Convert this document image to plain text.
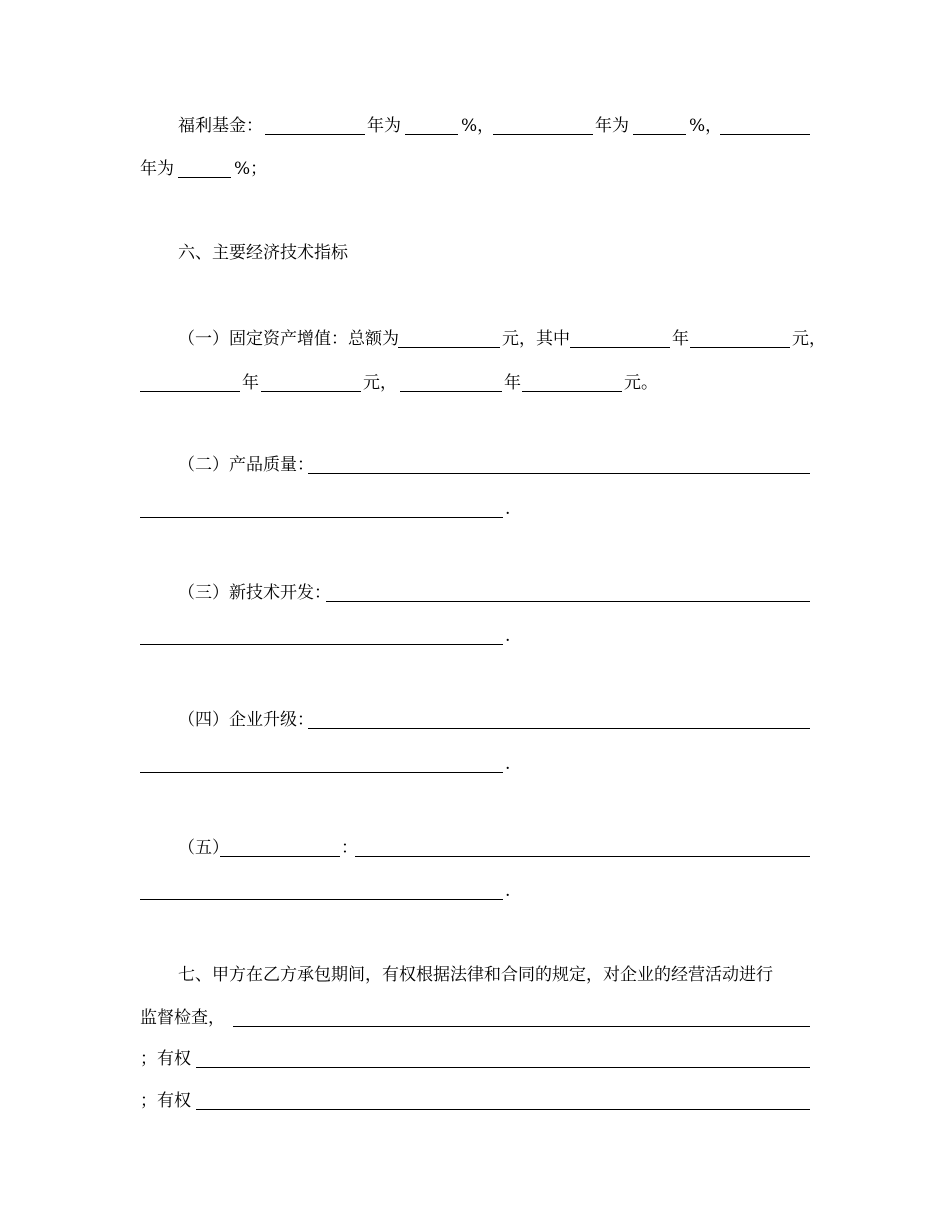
福利基金：	年为	%，	年为	%，
年为	%；
六、主要经济技术指标
（一）固定资产增值：总额为	元，其中	年	元，
年	元，	年	元。
（二）产品质量：
.
（三）新技术开发：
.
（四）企业升级：
.
（五）	：
.
七、甲方在乙方承包期间，有权根据法律和合同的规定，对企业的经营活动进行
监督检查，
；有权
；有权
